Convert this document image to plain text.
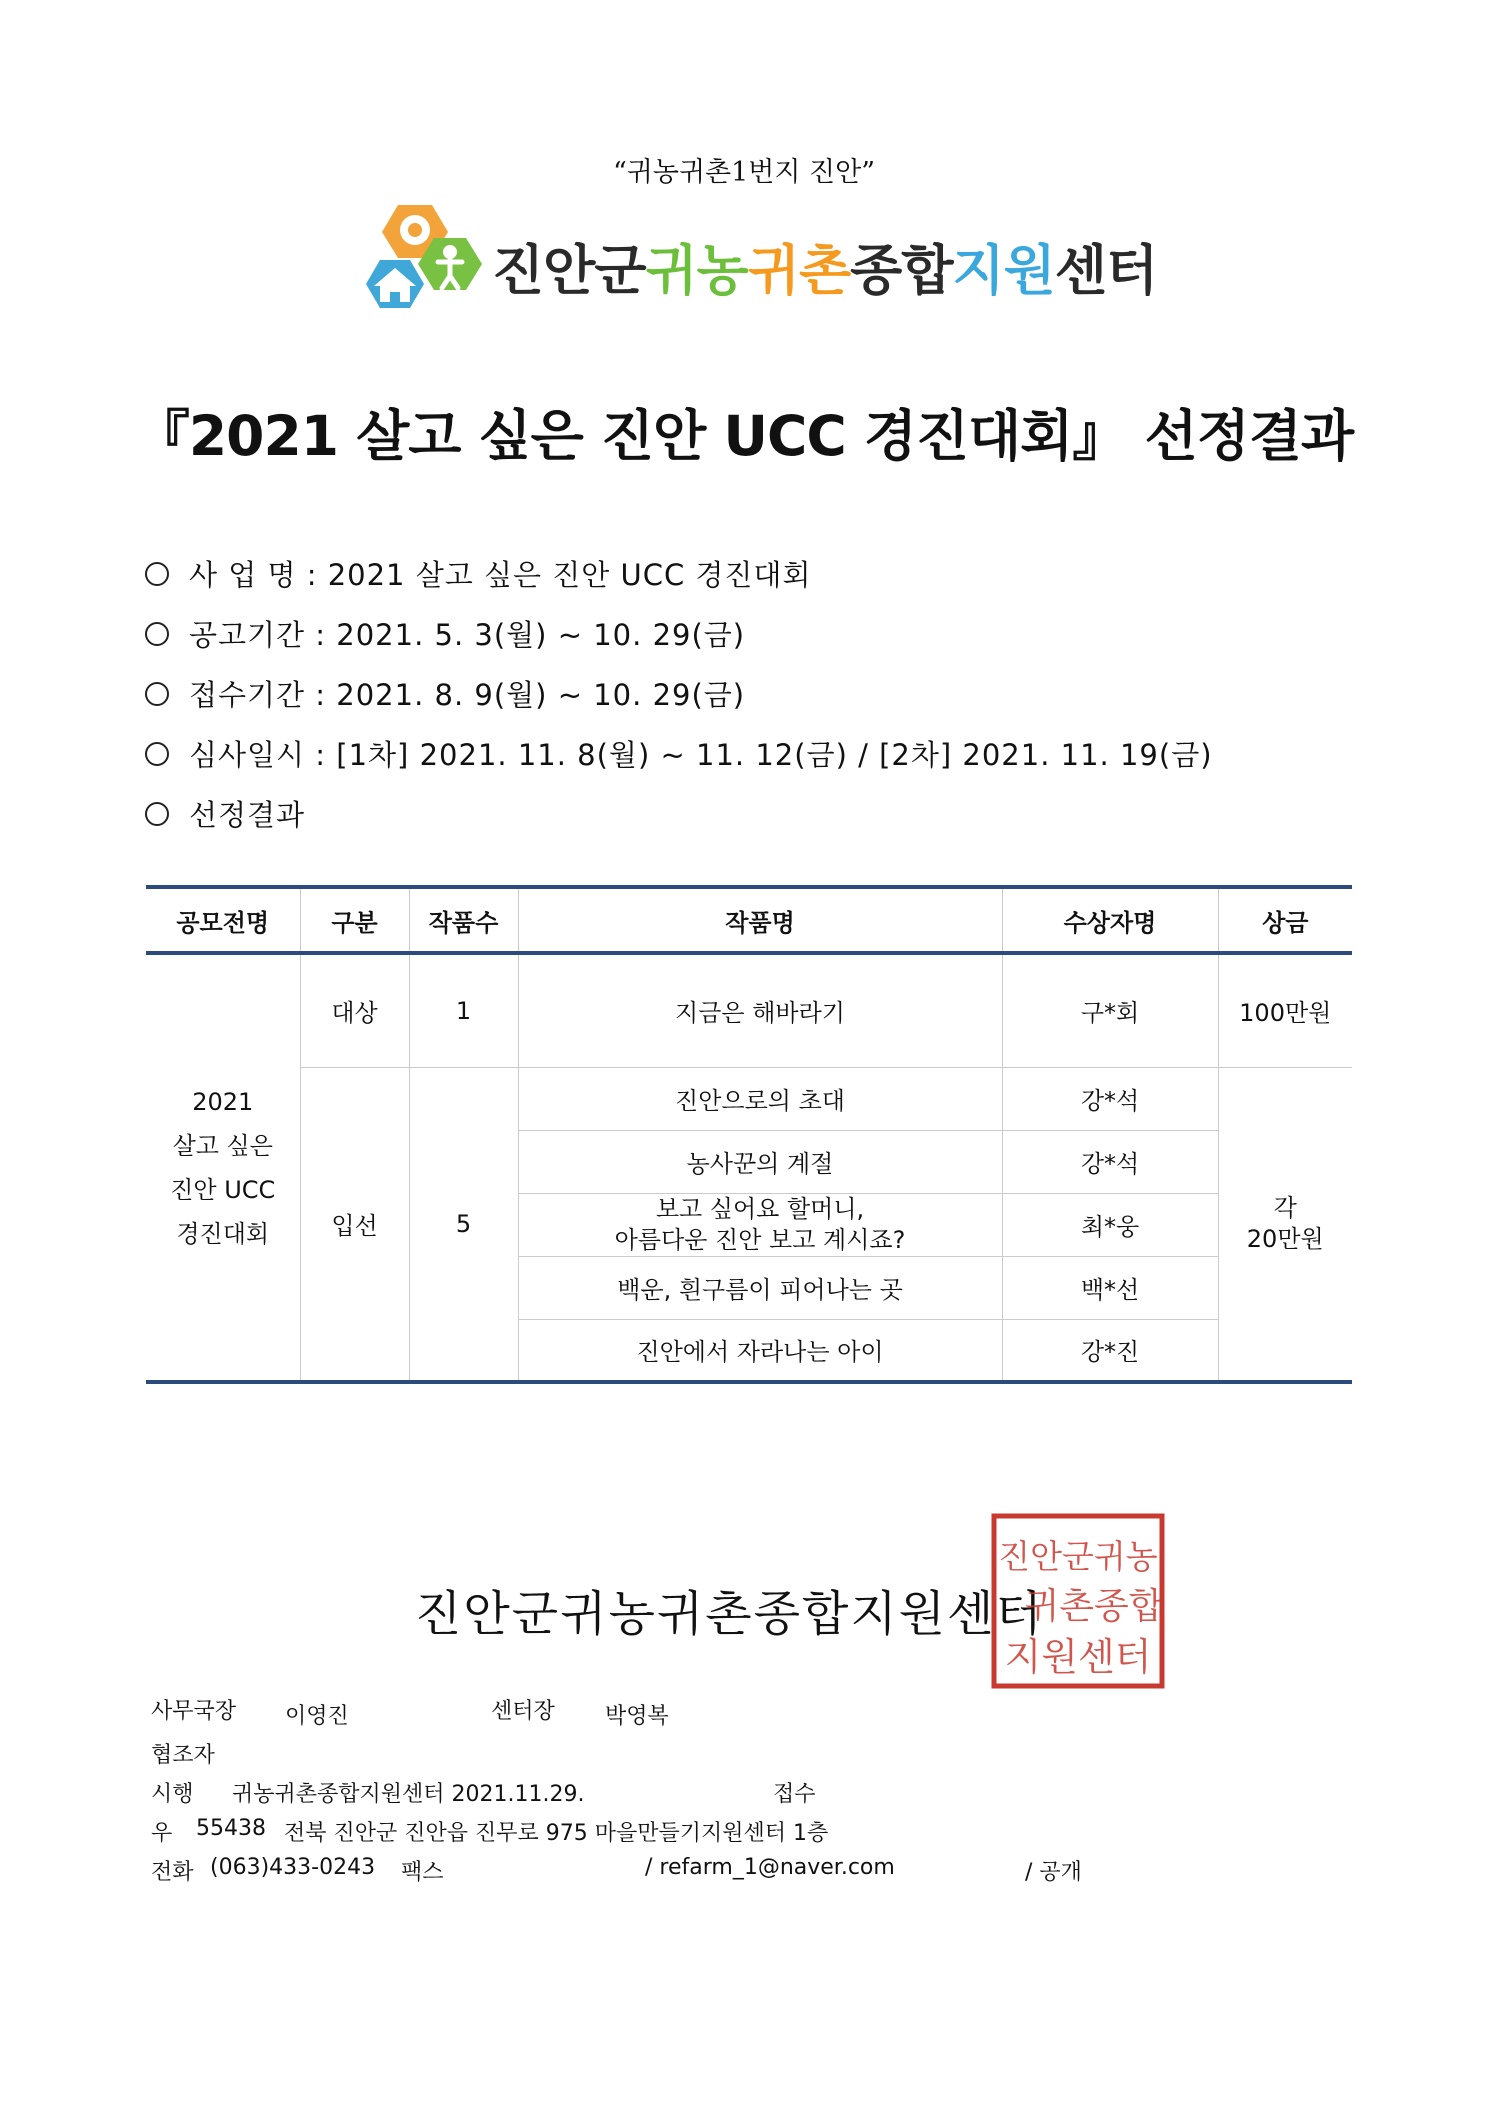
“귀농귀촌1번지 진안”
진안군귀농귀촌종합지원센터
『2021 살고 싶은 진안 UCC 경진대회』 선정결과
사 업 명 : 2021 살고 싶은 진안 UCC 경진대회
공고기간 : 2021. 5. 3(월) ~ 10. 29(금)
접수기간 : 2021. 8. 9(월) ~ 10. 29(금)
심사일시 : [1차] 2021. 11. 8(월) ~ 11. 12(금) / [2차] 2021. 11. 19(금)
선정결과
공모전명	구분	작품수	작품명	수상자명	상금
2021
살고 싶은
진안 UCC
경진대회	대상	1	지금은 해바라기	구*회	100만원
	입선	5	진안으로의 초대	강*석	각
20만원
			농사꾼의 계절	강*석	
			보고 싶어요 할머니,
아름다운 진안 보고 계시죠?	최*웅	
			백운, 흰구름이 피어나는 곳	백*선	
			진안에서 자라나는 아이	강*진	
진안군귀농귀촌종합지원센터
진안군귀농
귀촌종합
지원센터
사무국장 이영진	센터장 박영복
협조자
시행 귀농귀촌종합지원센터 2021.11.29.	접수
우 55438 전북 진안군 진안읍 진무로 975 마을만들기지원센터 1층
전화 (063)433-0243 팩스	/ refarm_1@naver.com	/ 공개
